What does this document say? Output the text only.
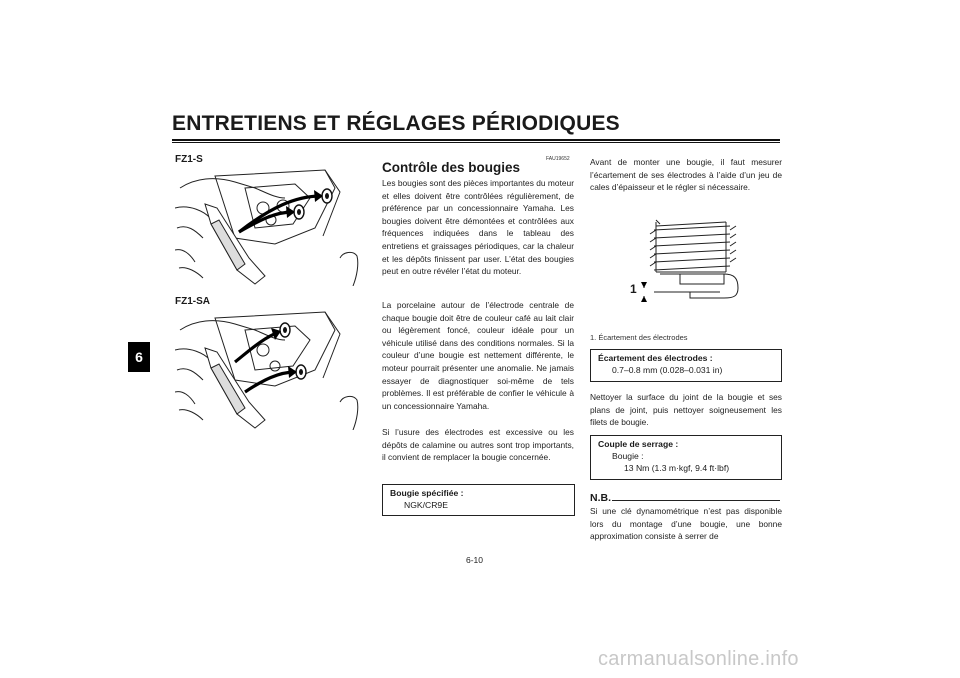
ENTRETIENS ET RÉGLAGES PÉRIODIQUES
6
FZ1-S
FZ1-SA
FAU19652
Contrôle des bougies
Les bougies sont des pièces importantes du moteur et elles doivent être contrôlées régulièrement, de préférence par un concessionnaire Yamaha. Les bougies doivent être démontées et contrôlées aux fréquences indiquées dans le tableau des entretiens et graissages périodiques, car la chaleur et les dépôts finissent par user. L’état des bougies peut en outre révéler l’état du moteur.
La porcelaine autour de l’électrode centrale de chaque bougie doit être de couleur café au lait clair ou légèrement foncé, couleur idéale pour un véhicule utilisé dans des conditions normales. Si la couleur d’une bougie est nettement différente, le moteur pourrait présenter une anomalie. Ne jamais essayer de diagnostiquer soi-même de tels problèmes. Il est préférable de confier le véhicule à un concessionnaire Yamaha.
Si l’usure des électrodes est excessive ou les dépôts de calamine ou autres sont trop importants, il convient de remplacer la bougie concernée.
Bougie spécifiée :
NGK/CR9E
Avant de monter une bougie, il faut mesurer l’écartement de ses électrodes à l’aide d’un jeu de cales d’épaisseur et le régler si nécessaire.
1
1. Écartement des électrodes
Écartement des électrodes :
0.7–0.8 mm (0.028–0.031 in)
Nettoyer la surface du joint de la bougie et ses plans de joint, puis nettoyer soigneusement les filets de bougie.
Couple de serrage :
Bougie :
13 Nm (1.3 m·kgf, 9.4 ft·lbf)
N.B.
Si une clé dynamométrique n’est pas disponible lors du montage d’une bougie, une bonne approximation consiste à serrer de
6-10
carmanualsonline.info
